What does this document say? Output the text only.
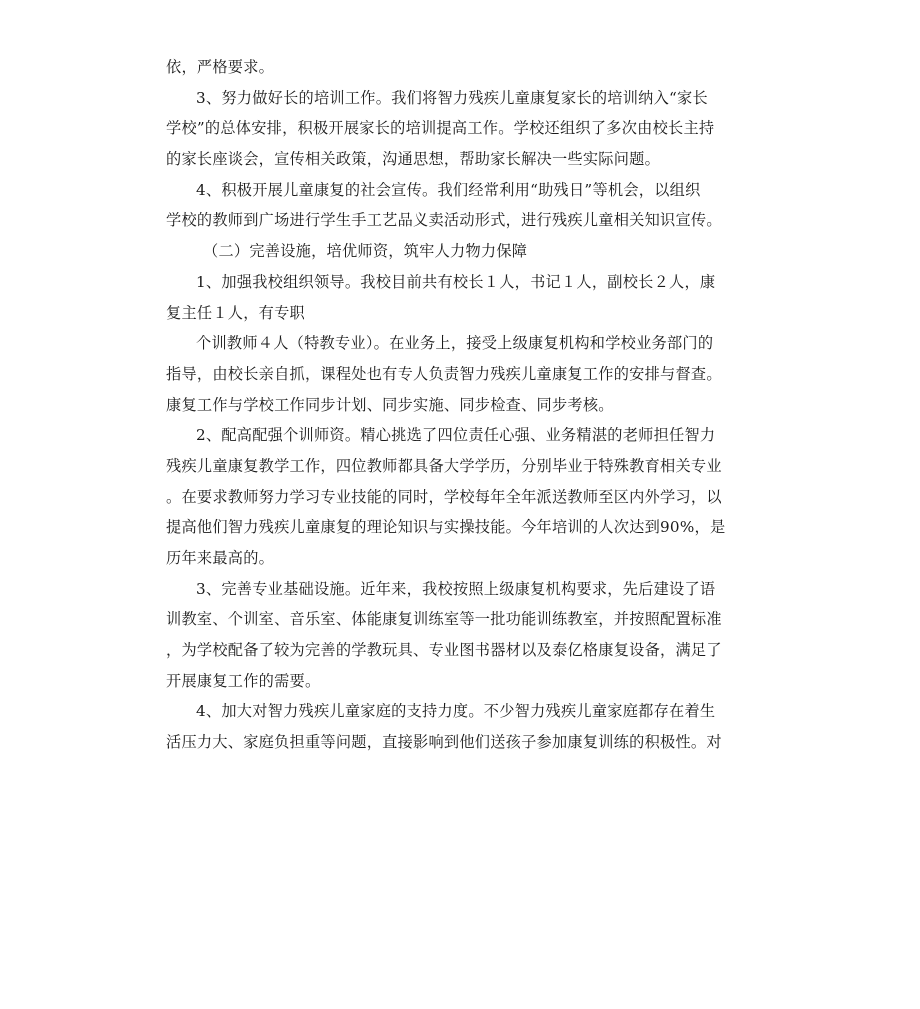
依，严格要求。
3、努力做好长的培训工作。我们将智力残疾儿童康复家长的培训纳入“家长
学校”的总体安排，积极开展家长的培训提高工作。学校还组织了多次由校长主持
的家长座谈会，宣传相关政策，沟通思想，帮助家长解决一些实际问题。
4、积极开展儿童康复的社会宣传。我们经常利用“助残日”等机会，以组织
学校的教师到广场进行学生手工艺品义卖活动形式，进行残疾儿童相关知识宣传。
（二）完善设施，培优师资，筑牢人力物力保障
1、加强我校组织领导。我校目前共有校长１人，书记１人，副校长２人，康
复主任１人，有专职
个训教师４人（特教专业）。在业务上，接受上级康复机构和学校业务部门的
指导，由校长亲自抓，课程处也有专人负责智力残疾儿童康复工作的安排与督查。
康复工作与学校工作同步计划、同步实施、同步检查、同步考核。
2、配高配强个训师资。精心挑选了四位责任心强、业务精湛的老师担任智力
残疾儿童康复教学工作，四位教师都具备大学学历，分别毕业于特殊教育相关专业
。在要求教师努力学习专业技能的同时，学校每年全年派送教师至区内外学习，以
提高他们智力残疾儿童康复的理论知识与实操技能。今年培训的人次达到90%，是
历年来最高的。
3、完善专业基础设施。近年来，我校按照上级康复机构要求，先后建设了语
训教室、个训室、音乐室、体能康复训练室等一批功能训练教室，并按照配置标准
，为学校配备了较为完善的学教玩具、专业图书器材以及泰亿格康复设备，满足了
开展康复工作的需要。
4、加大对智力残疾儿童家庭的支持力度。不少智力残疾儿童家庭都存在着生
活压力大、家庭负担重等问题，直接影响到他们送孩子参加康复训练的积极性。对
